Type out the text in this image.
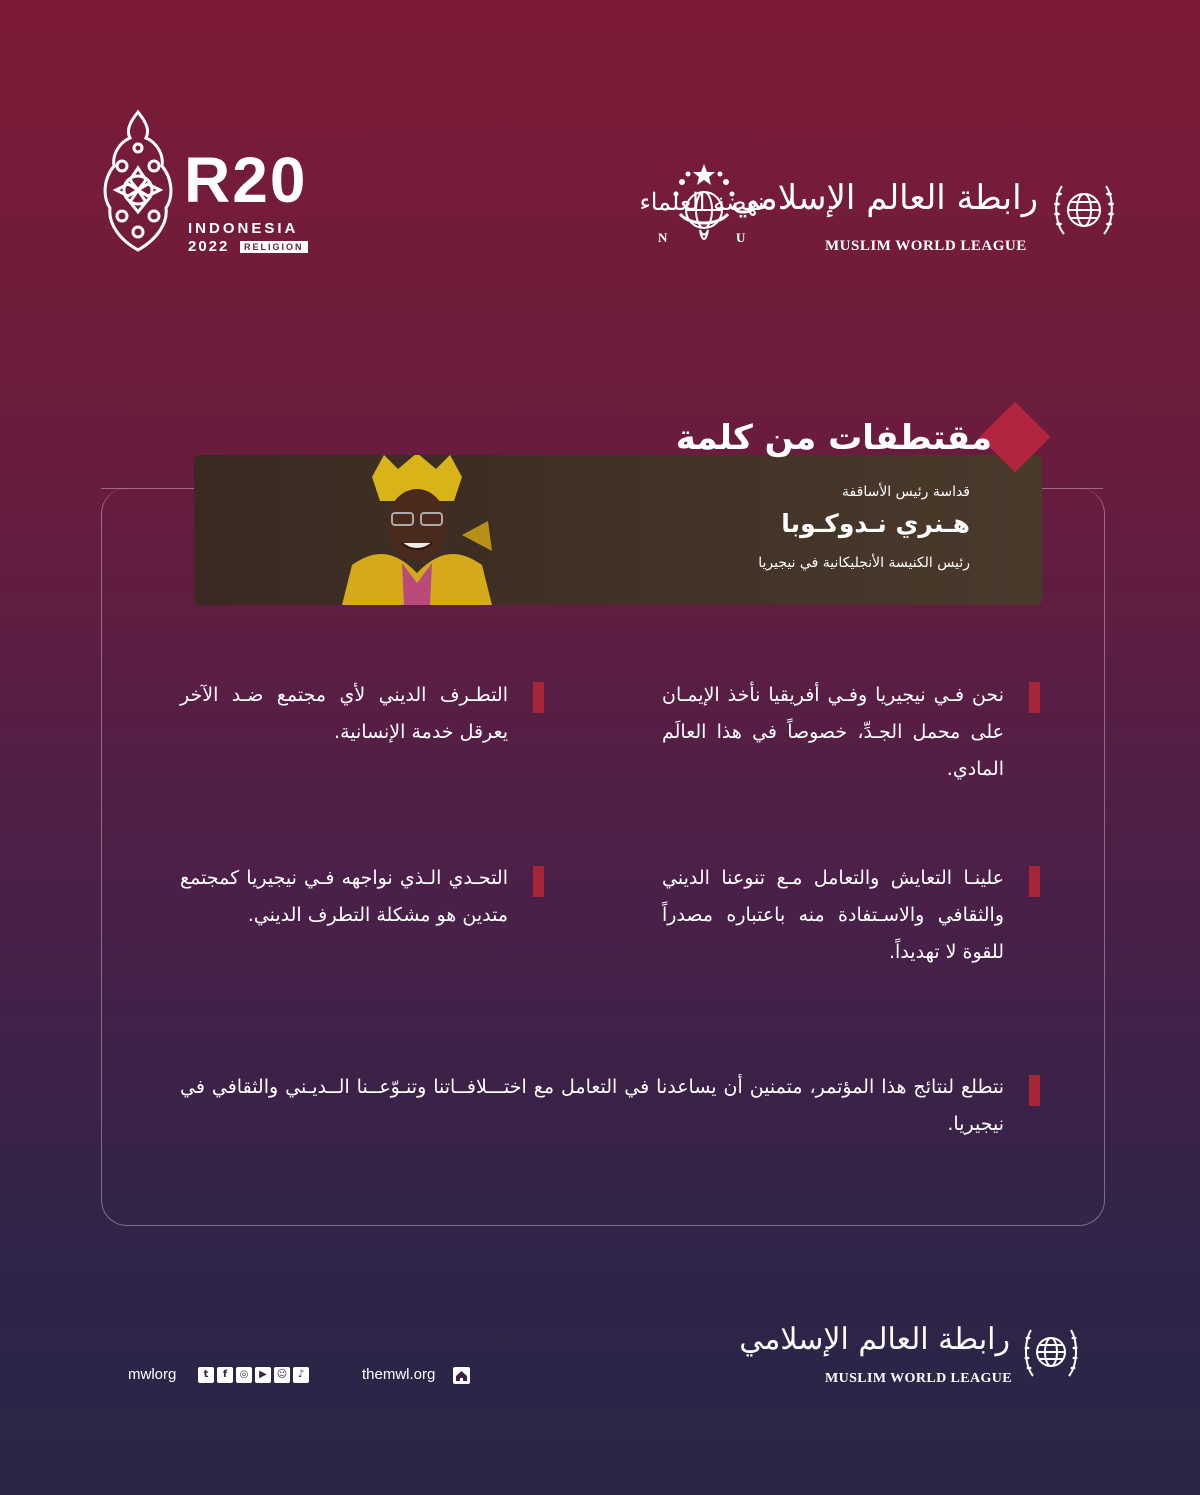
R20
INDONESIA
2022	RELIGION
نهضة العلماء
N	U
رابطة العالم الإسلامي
MUSLIM WORLD LEAGUE
قداسة رئيس الأساقفة
هـنري نـدوكـوبا
رئيس الكنيسة الأنجليكانية في نيجيريا
مقتطفات من كلمة
نحن فـي نيجيريا وفـي أفريقيا نأخذ الإيمـان على محمل الجـدِّ، خصوصاً في هذا العالَم المادي.
التطـرف الديني لأي مجتمع ضـد الآخر يعرقل خدمة الإنسانية.
علينـا التعايش والتعامل مـع تنوعنا الديني والثقافي والاسـتفادة منه باعتباره مصدراً للقوة لا تهديداً.
التحـدي الـذي نواجهه فـي نيجيريا كمجتمع متدين هو مشكلة التطرف الديني.
نتطلع لنتائج هذا المؤتمر، متمنين أن يساعدنا في التعامل مع اختـــلافــاتنا وتنـوّعــنا الــديـني والثقافي في نيجيريا.
mwlorg	t	f	◎	▶ ☺	♪	themwl.org
رابطة العالم الإسلامي
MUSLIM WORLD LEAGUE
